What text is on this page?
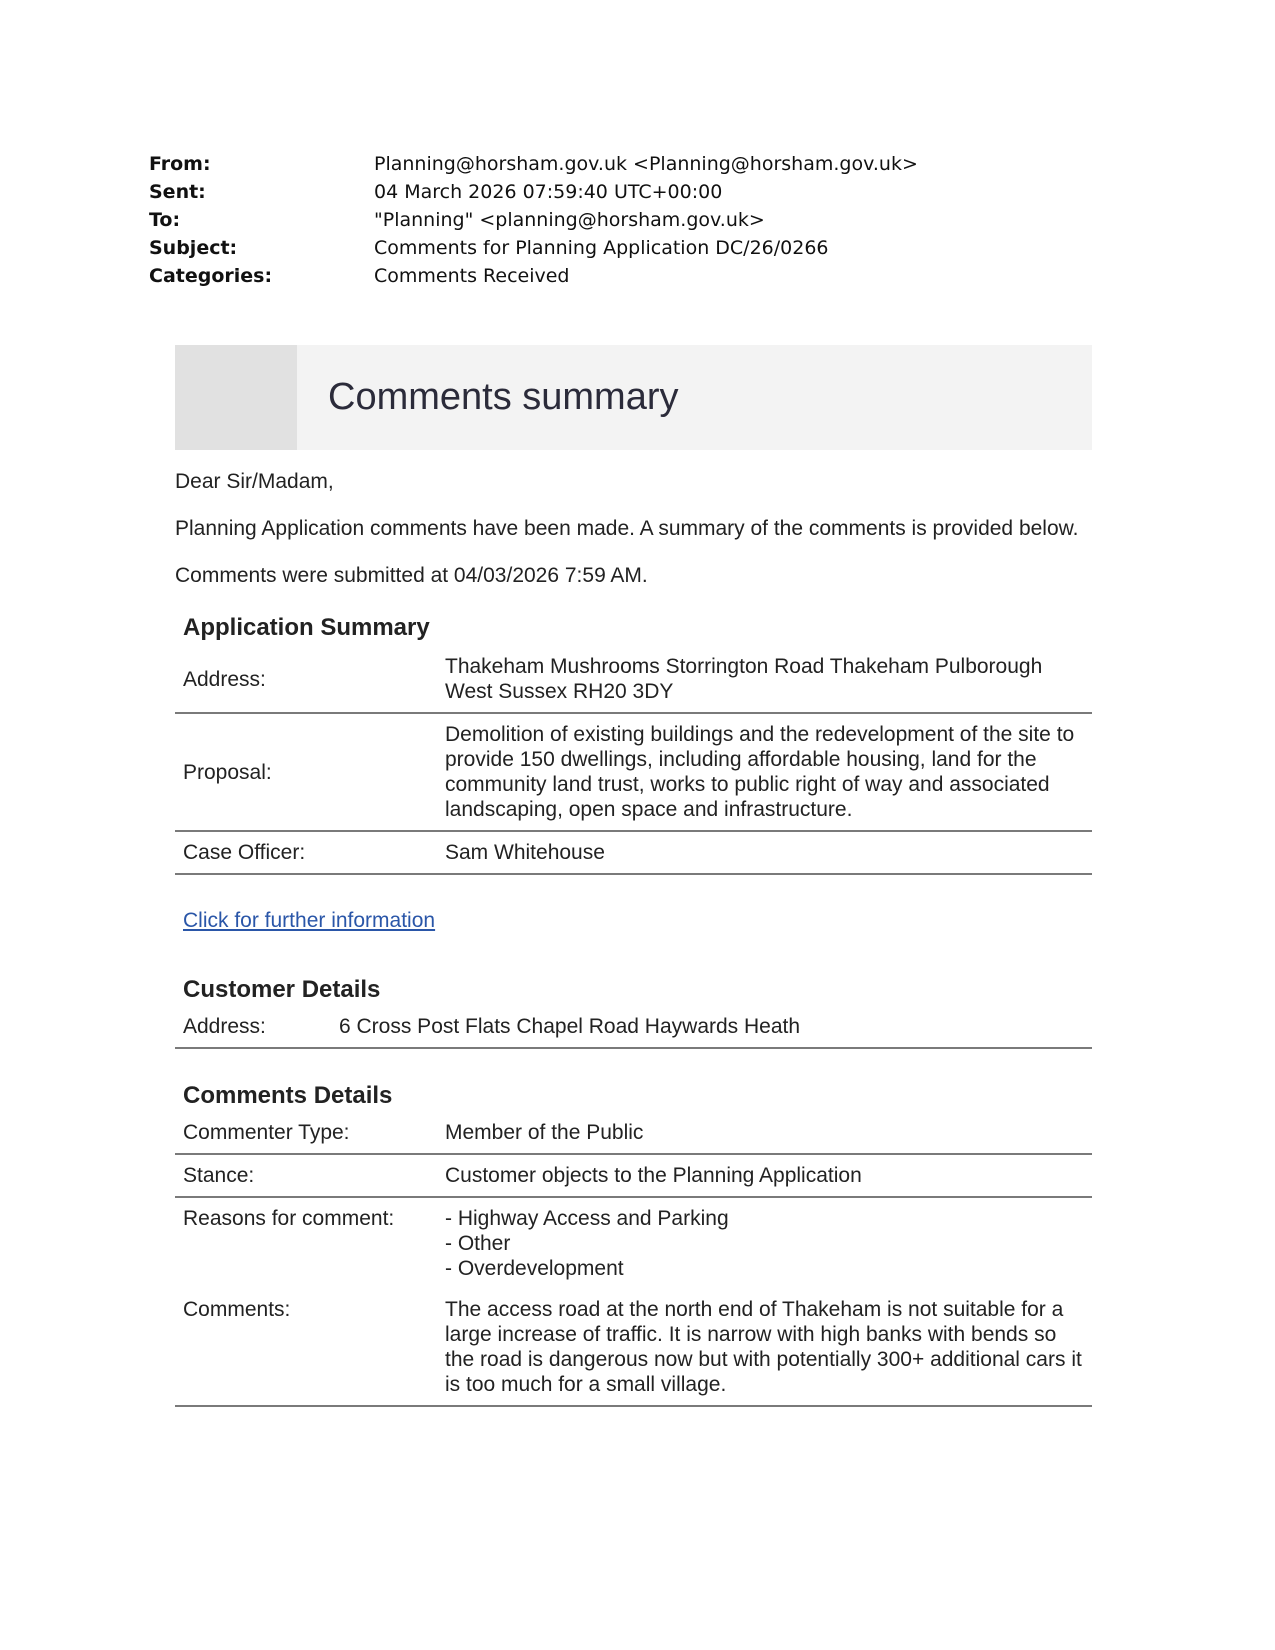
From:	Planning@horsham.gov.uk <Planning@horsham.gov.uk>
Sent:	04 March 2026 07:59:40 UTC+00:00
To:	"Planning" <planning@horsham.gov.uk>
Subject:	Comments for Planning Application DC/26/0266
Categories:	Comments Received
Comments summary

Dear Sir/Madam,

Planning Application comments have been made. A summary of the comments is provided below.

Comments were submitted at 04/03/2026 7:59 AM.

Application Summary
Address:	Thakeham Mushrooms Storrington Road Thakeham Pulborough West Sussex RH20 3DY
Proposal:	Demolition of existing buildings and the redevelopment of the site to provide 150 dwellings, including affordable housing, land for the community land trust, works to public right of way and associated landscaping, open space and infrastructure.
Case Officer:	Sam Whitehouse
Click for further information
Customer Details
Address:	6 Cross Post Flats Chapel Road Haywards Heath
Comments Details
Commenter Type:	Member of the Public
Stance:	Customer objects to the Planning Application
Reasons for comment:	- Highway Access and Parking
- Other
- Overdevelopment

Comments:	The access road at the north end of Thakeham is not suitable for a large increase of traffic. It is narrow with high banks with bends so the road is dangerous now but with potentially 300+ additional cars it is too much for a small village.
